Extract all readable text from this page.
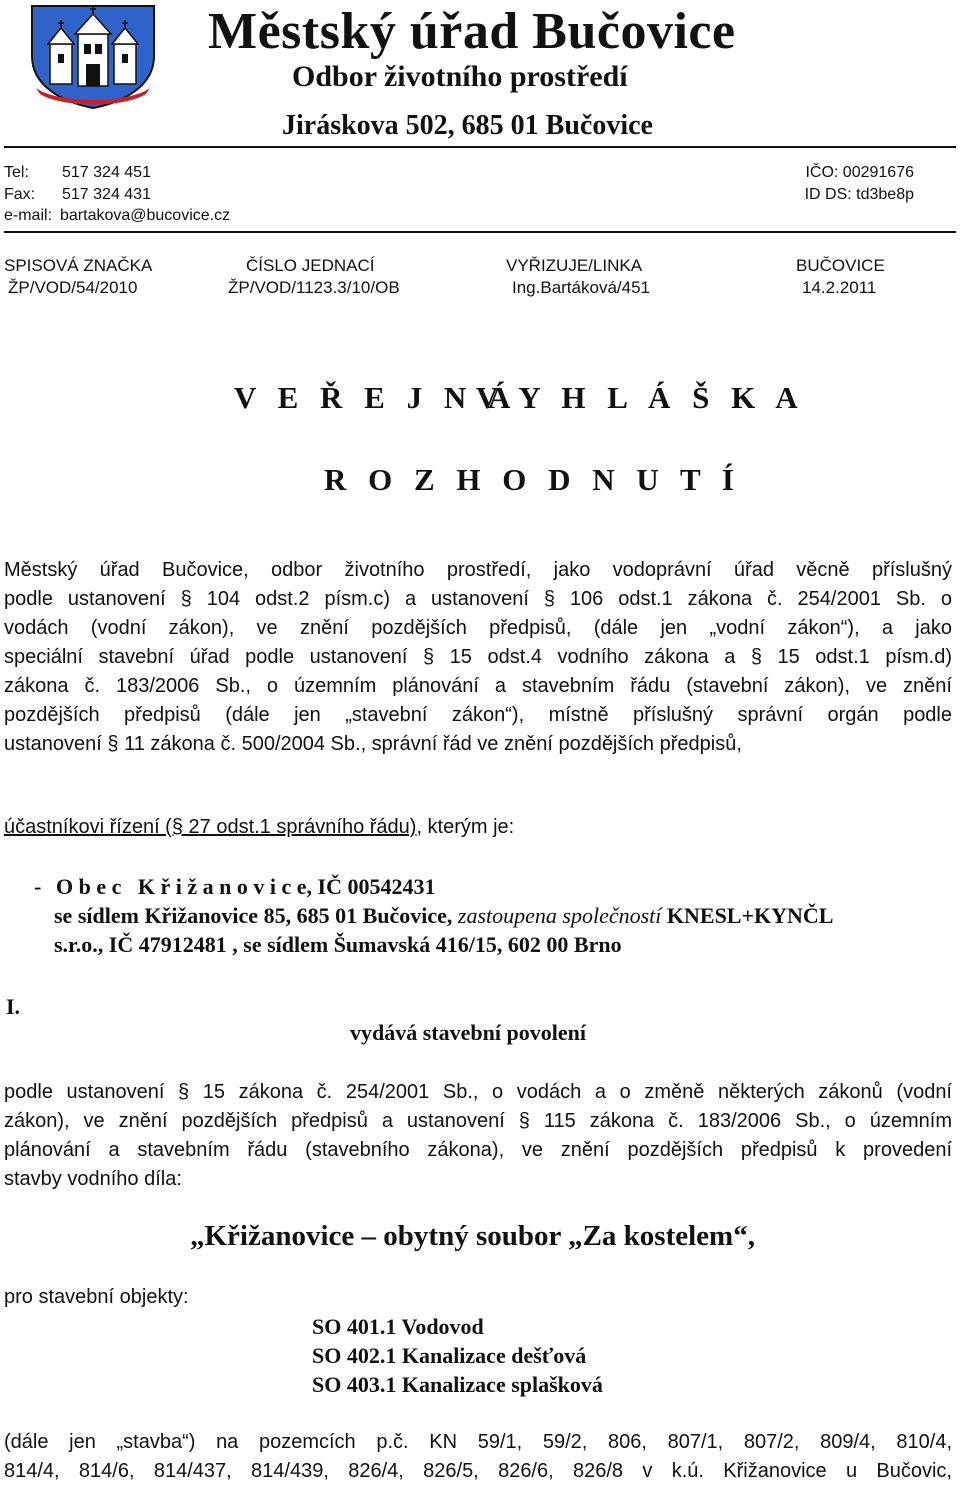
Městský úřad Bučovice
Odbor životního prostředí
Jiráskova 502, 685 01 Bučovice
Tel: 517 324 451
Fax: 517 324 431
e-mail: bartakova@bucovice.cz
IČO: 00291676
ID DS: td3be8p
SPISOVÁ ZNAČKA	ČÍSLO JEDNACÍ	VYŘIZUJE/LINKA	BUČOVICE
ŽP/VOD/54/2010	ŽP/VOD/1123.3/10/OB	Ing.Bartáková/451	14.2.2011
V E Ř E J N Á
V Y H L Á Š K A
R O Z H O D N U T Í
Městský úřad Bučovice, odbor životního prostředí, jako vodoprávní úřad věcně příslušný
podle ustanovení § 104 odst.2 písm.c) a ustanovení § 106 odst.1 zákona č. 254/2001 Sb. o
vodách (vodní zákon), ve znění pozdějších předpisů, (dále jen „vodní zákon“), a jako
speciální stavební úřad podle ustanovení § 15 odst.4 vodního zákona a § 15 odst.1 písm.d)
zákona č. 183/2006 Sb., o územním plánování a stavebním řádu (stavební zákon), ve znění
pozdějších předpisů (dále jen „stavební zákon“), místně příslušný správní orgán podle
ustanovení § 11 zákona č. 500/2004 Sb., správní řád ve znění pozdějších předpisů,
účastníkovi řízení (§ 27 odst.1 správního řádu), kterým je:
- O b e c   K ř i ž a n o v i c e, IČ 00542431
se sídlem Křižanovice 85, 685 01 Bučovice, zastoupena společností KNESL+KYNČL
s.r.o., IČ 47912481 , se sídlem Šumavská 416/15, 602 00 Brno
I.
vydává stavební povolení
podle ustanovení § 15 zákona č. 254/2001 Sb., o vodách a o změně některých zákonů (vodní
zákon), ve znění pozdějších předpisů a ustanovení § 115 zákona č. 183/2006 Sb., o územním
plánování a stavebním řádu (stavebního zákona), ve znění pozdějších předpisů k provedení
stavby vodního díla:
„Křižanovice – obytný soubor „Za kostelem“,
pro stavební objekty:
SO 401.1 Vodovod
SO 402.1 Kanalizace dešťová
SO 403.1 Kanalizace splašková
(dále jen „stavba“) na pozemcích p.č. KN 59/1, 59/2, 806, 807/1, 807/2, 809/4, 810/4,
814/4, 814/6, 814/437, 814/439, 826/4, 826/5, 826/6, 826/8 v k.ú. Křižanovice u Bučovic,
